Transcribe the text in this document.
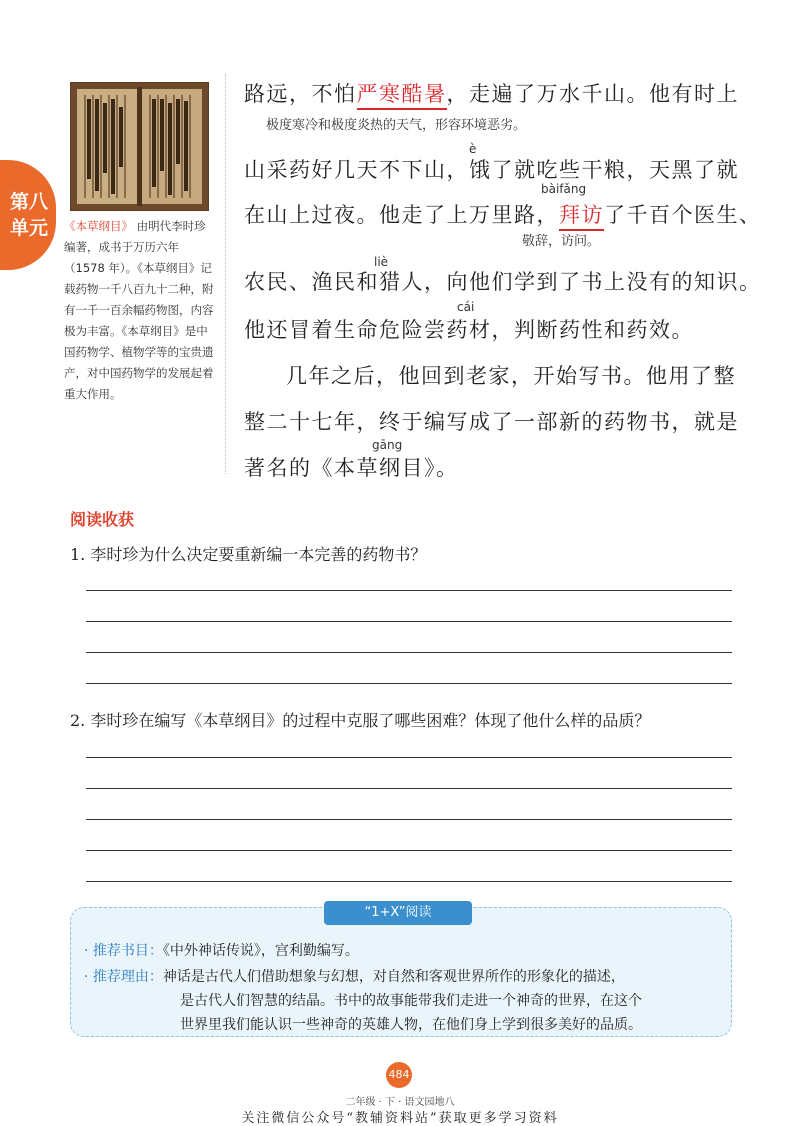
第八
单元	《本草纲目》 由明代李时珍编著，成书于万历六年（1578 年）。《本草纲目》记载药物一千八百九十二种，附有一千一百余幅药物图，内容极为丰富。《本草纲目》是中国药物学、植物学等的宝贵遗产，对中国药物学的发展起着重大作用。
路远，不怕严寒酷暑，走遍了万水千山。他有时上
极度寒冷和极度炎热的天气，形容环境恶劣。
è
山采药好几天不下山，饿了就吃些干粮，天黑了就
bàifǎng
在山上过夜。他走了上万里路，拜访了千百个医生、
敬辞，访问。
liè
农民、渔民和猎人，向他们学到了书上没有的知识。
cái
他还冒着生命危险尝药材，判断药性和药效。
几年之后，他回到老家，开始写书。他用了整
整二十七年，终于编写成了一部新的药物书，就是
gāng
著名的《本草纲目》。
阅读收获
1. 李时珍为什么决定要重新编一本完善的药物书？
2. 李时珍在编写《本草纲目》的过程中克服了哪些困难？体现了他什么样的品质？
“1+X”阅读
· 推荐书目：《中外神话传说》，宫利勤编写。
· 推荐理由：神话是古代人们借助想象与幻想，对自然和客观世界所作的形象化的描述，
是古代人们智慧的结晶。书中的故事能带我们走进一个神奇的世界，在这个
世界里我们能认识一些神奇的英雄人物，在他们身上学到很多美好的品质。
484
二年级 · 下 · 语文园地八
关注微信公众号“教辅资料站”获取更多学习资料
